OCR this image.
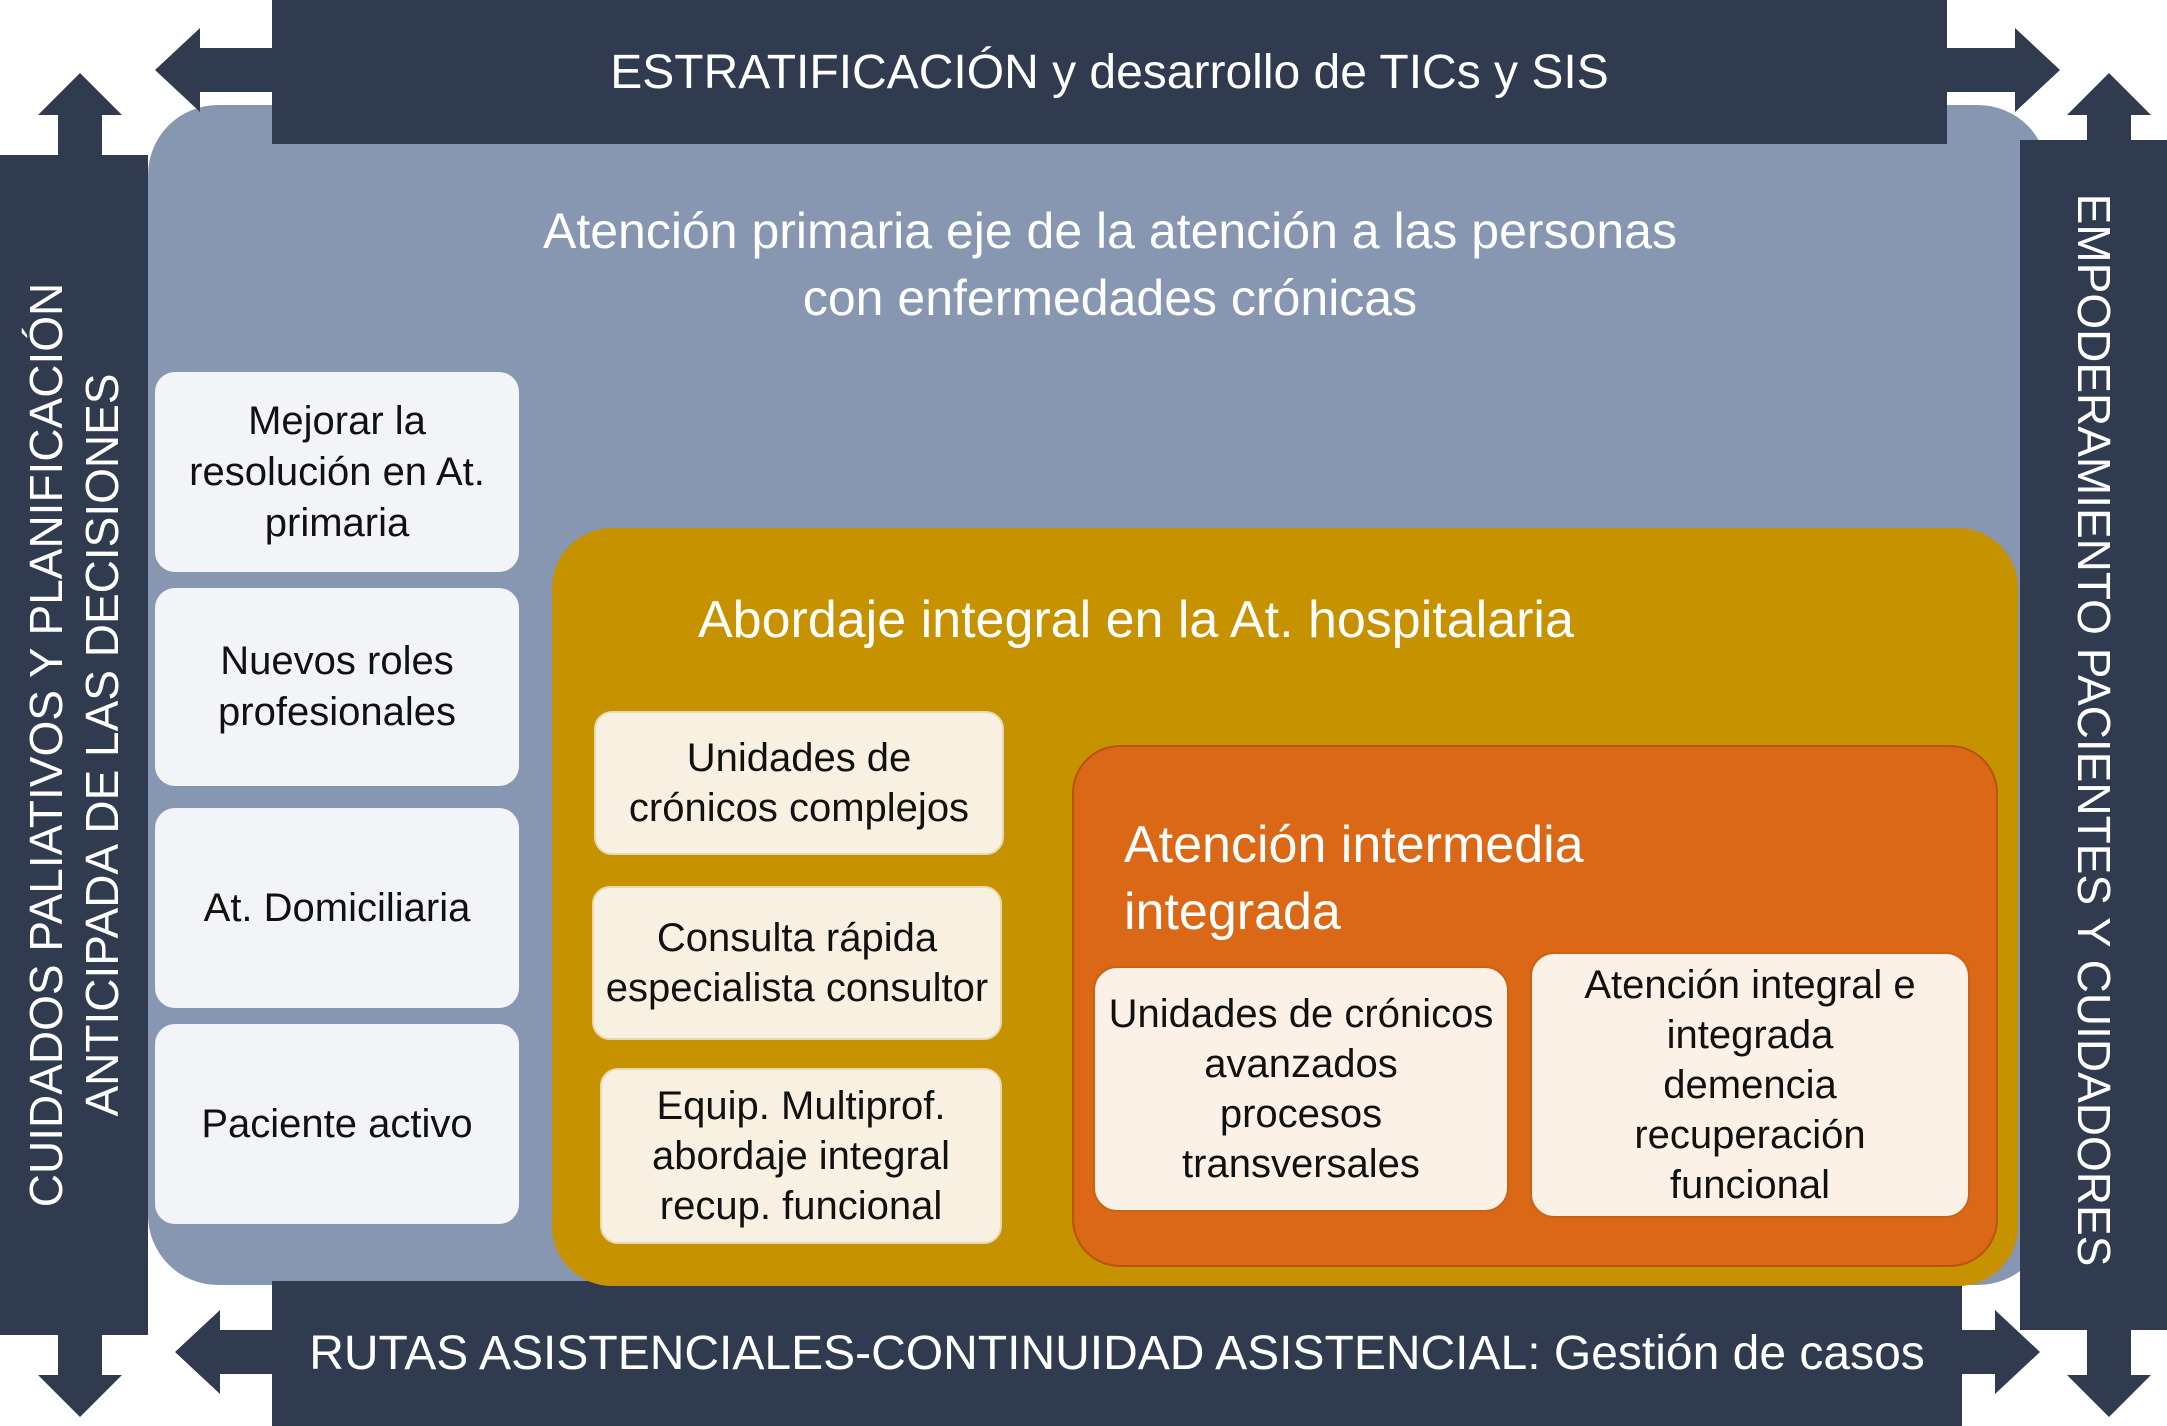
ESTRATIFICACIÓN y desarrollo de TICs y SIS
RUTAS ASISTENCIALES-CONTINUIDAD ASISTENCIAL: Gestión de casos
CUIDADOS PALIATIVOS Y PLANIFICACIÓN
ANTICIPADA DE LAS DECISIONES	EMPODERAMIENTO PACIENTES Y CUIDADORES
Atención primaria eje de la atención a las personas
con enfermedades crónicas
Mejorar la
resolución en At.
primaria
Nuevos roles
profesionales
At. Domiciliaria
Paciente activo
Abordaje integral en la At. hospitalaria
Unidades de
crónicos complejos
Consulta rápida
especialista consultor
Equip. Multiprof.
abordaje integral
recup. funcional
Atención intermedia
integrada
Unidades de crónicos
avanzados
procesos
transversales
Atención integral e
integrada
demencia
recuperación
funcional
